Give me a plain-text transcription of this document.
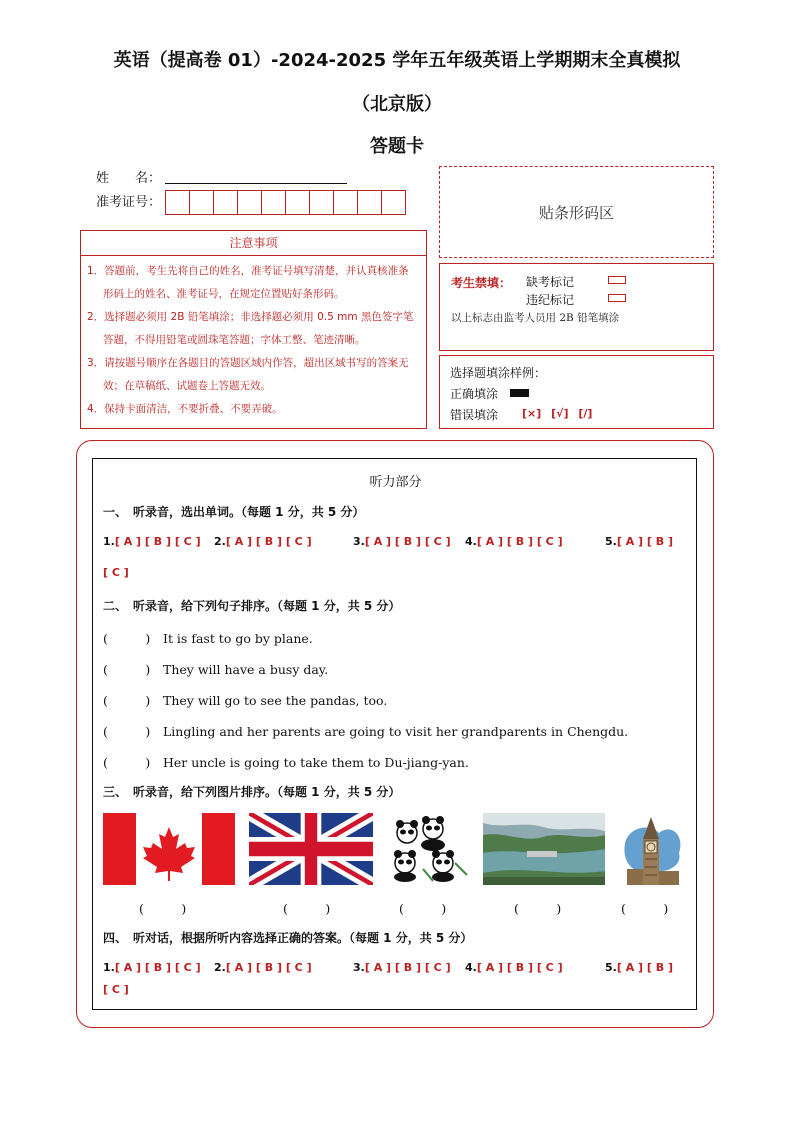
英语（提高卷 01）-2024-2025 学年五年级英语上学期期末全真模拟
（北京版）
答题卡
姓　　名：
准考证号：
贴条形码区
注意事项
1．答题前，考生先将自己的姓名，准考证号填写清楚，并认真核准条形码上的姓名、准考证号，在规定位置贴好条形码。
2．选择题必须用 2B 铅笔填涂；非选择题必须用 0.5 mm 黑色签字笔答题，不得用铅笔或圆珠笔答题；字体工整、笔迹清晰。
3．请按题号顺序在各题目的答题区域内作答，超出区域书写的答案无效；在草稿纸、试题卷上答题无效。
4．保持卡面清洁，不要折叠、不要弄破。
考生禁填： 缺考标记
违纪标记
以上标志由监考人员用 2B 铅笔填涂
选择题填涂样例：
正确填涂
错误填涂 [×] [√] [/]
听力部分
一、　听录音，选出单词。（每题 1 分，共 5 分）
1.[ A ] [ B ] [ C ] 2.[ A ] [ B ] [ C ]	3.[ A ] [ B ] [ C ] 4.[ A ] [ B ] [ C ]	5.[ A ] [ B ]
[ C ]
二、　听录音，给下列句子排序。（每题 1 分，共 5 分）
(　　　) It is fast to go by plane.
(　　　) They will have a busy day.
(　　　) They will go to see the pandas, too.
(　　　) Lingling and her parents are going to visit her grandparents in Chengdu.
(　　　) Her uncle is going to take them to Du-jiang-yan.
三、　听录音，给下列图片排序。（每题 1 分，共 5 分）
(　　　)	(　　　)	(　　　)	(　　　)	(　　　)
四、　听对话，根据所听内容选择正确的答案。（每题 1 分，共 5 分）
1.[ A ] [ B ] [ C ] 2.[ A ] [ B ] [ C ]	3.[ A ] [ B ] [ C ] 4.[ A ] [ B ] [ C ]	5.[ A ] [ B ]
[ C ]
